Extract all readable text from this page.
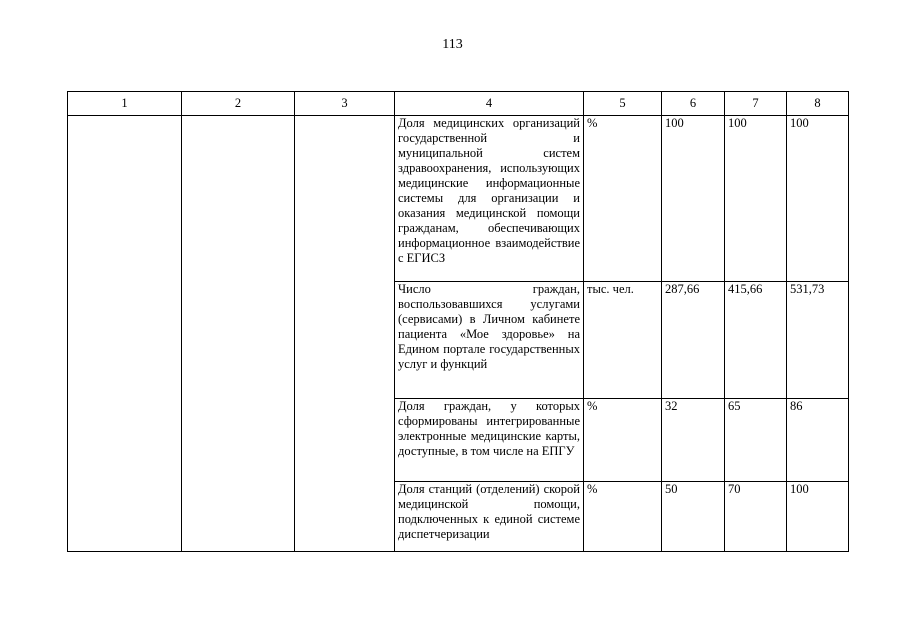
113
1	2	3	4	5	6	7	8
			Доля медицинских организаций государственной и муниципальной систем здравоохранения, использующих медицинские информационные системы для организации и оказания медицинской помощи гражданам, обеспечивающих информационное взаимодействие с ЕГИСЗ	%	100	100	100
			Число граждан, воспользовавшихся услугами (сервисами) в Личном кабинете пациента «Мое здоровье» на Едином портале государственных услуг и функций	тыс. чел.	287,66	415,66	531,73
			Доля граждан, у которых сформированы интегрированные электронные медицинские карты, доступные, в том числе на ЕПГУ	%	32	65	86
			Доля станций (отделений) скорой медицинской помощи, подключенных к единой системе диспетчеризации	%	50	70	100
